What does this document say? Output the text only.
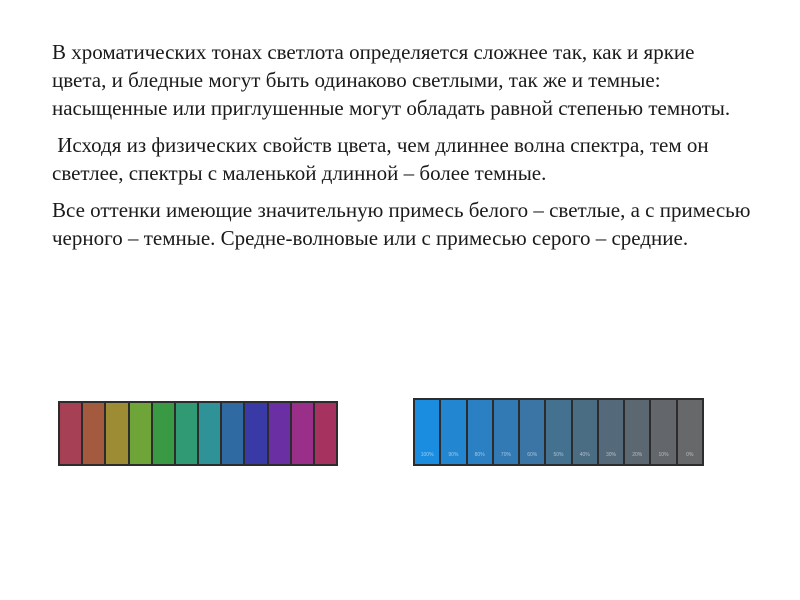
В хроматических тонах светлота определяется сложнее так, как и яркие цвета, и бледные могут быть одинаково светлыми, так же и темные: насыщенные или приглушенные могут обладать равной степенью темноты.

Исходя из физических свойств цвета, чем длиннее волна спектра, тем он светлее, спектры с маленькой длинной – более темные.

Все оттенки имеющие значительную примесь белого – светлые, а с примесью черного – темные. Средне-волновые или с примесью серого – средние.

100%	90%	80%	70%	60%	50%	40%	30%	20%	10%	0%
